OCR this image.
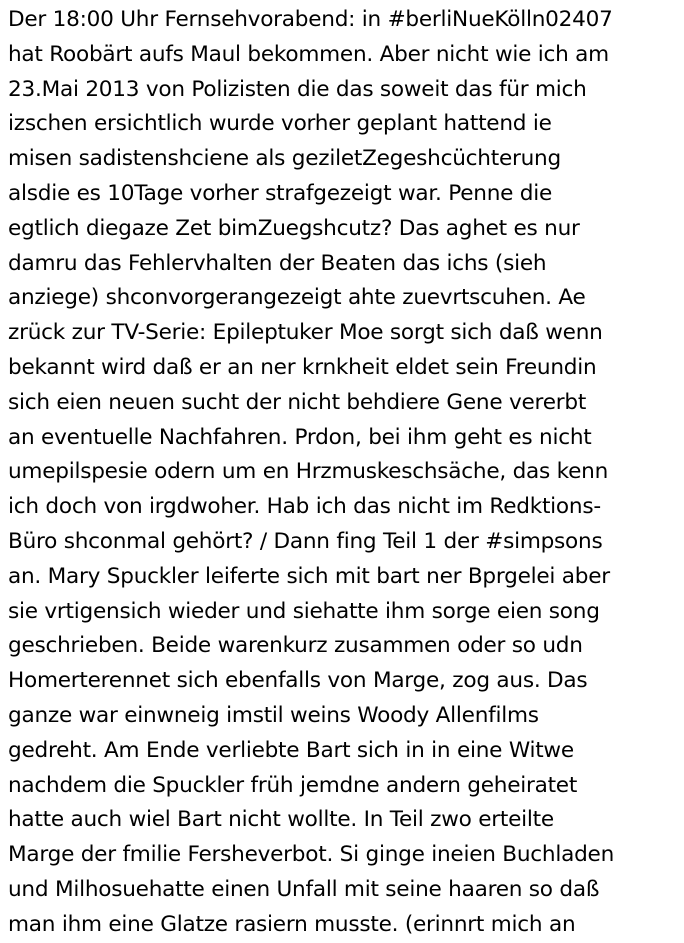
Der 18:00 Uhr Fernsehvorabend: in #berliNueKölln02407
hat Roobärt aufs Maul bekommen. Aber nicht wie ich am
23.Mai 2013 von Polizisten die das soweit das für mich
izschen ersichtlich wurde vorher geplant hattend ie
misen sadistenshciene als geziletZegeshcüchterung
alsdie es 10Tage vorher strafgezeigt war. Penne die
egtlich diegaze Zet bimZuegshcutz? Das aghet es nur
damru das Fehlervhalten der Beaten das ichs (sieh
anziege) shconvorgerangezeigt ahte zuevrtscuhen. Ae
zrück zur TV-Serie: Epileptuker Moe sorgt sich daß wenn
bekannt wird daß er an ner krnkheit eldet sein Freundin
sich eien neuen sucht der nicht behdiere Gene vererbt
an eventuelle Nachfahren. Prdon, bei ihm geht es nicht
umepilspesie odern um en Hrzmuskeschsäche, das kenn
ich doch von irgdwoher. Hab ich das nicht im Redktions-
Büro shconmal gehört? / Dann fing Teil 1 der #simpsons
an. Mary Spuckler leiferte sich mit bart ner Bprgelei aber
sie vrtigensich wieder und siehatte ihm sorge eien song
geschrieben. Beide warenkurz zusammen oder so udn
Homerterennet sich ebenfalls von Marge, zog aus. Das
ganze war einwneig imstil weins Woody Allenfilms
gedreht. Am Ende verliebte Bart sich in in eine Witwe
nachdem die Spuckler früh jemdne andern geheiratet
hatte auch wiel Bart nicht wollte. In Teil zwo erteilte
Marge der fmilie Fersheverbot. Si ginge ineien Buchladen
und Milhosuehatte einen Unfall mit seine haaren so daß
man ihm eine Glatze rasiern musste. (erinnrt mich an
